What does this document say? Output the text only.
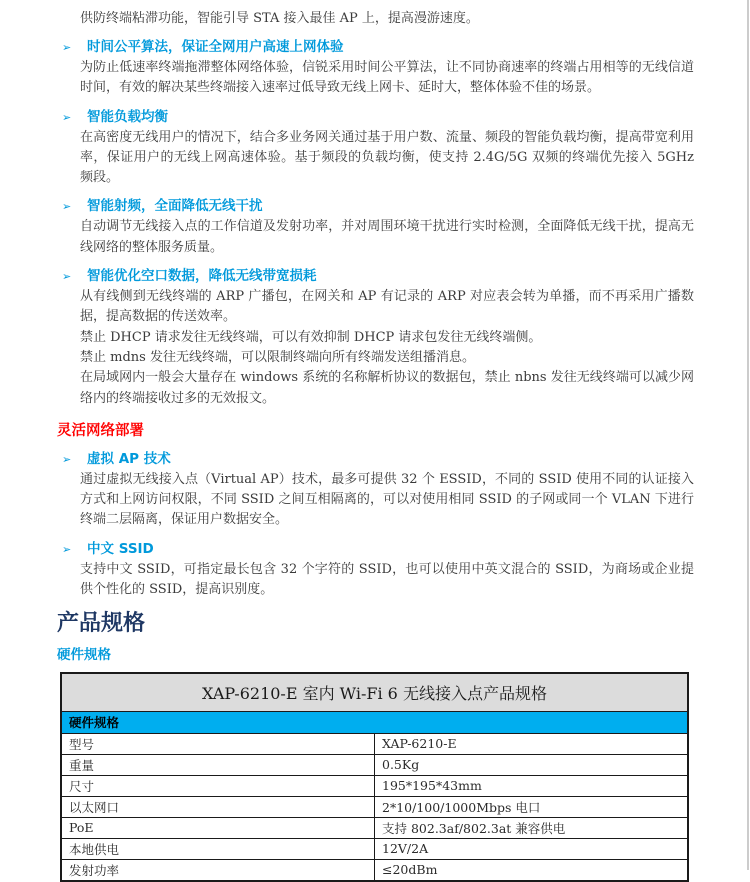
供防终端粘滞功能，智能引导 STA 接入最佳 AP 上，提高漫游速度。

➢	时间公平算法，保证全网用户高速上网体验

为防止低速率终端拖滞整体网络体验，信锐采用时间公平算法，让不同协商速率的终端占用相等的无线信道时间，有效的解决某些终端接入速率过低导致无线上网卡、延时大，整体体验不佳的场景。

➢	智能负载均衡

在高密度无线用户的情况下，结合多业务网关通过基于用户数、流量、频段的智能负载均衡，提高带宽利用率，保证用户的无线上网高速体验。基于频段的负载均衡，使支持 2.4G/5G 双频的终端优先接入 5GHz 频段。

➢	智能射频，全面降低无线干扰

自动调节无线接入点的工作信道及发射功率，并对周围环境干扰进行实时检测，全面降低无线干扰，提高无线网络的整体服务质量。

➢	智能优化空口数据，降低无线带宽损耗

从有线侧到无线终端的 ARP 广播包，在网关和 AP 有记录的 ARP 对应表会转为单播，而不再采用广播数据，提高数据的传送效率。

禁止 DHCP 请求发往无线终端，可以有效抑制 DHCP 请求包发往无线终端侧。

禁止 mdns 发往无线终端，可以限制终端向所有终端发送组播消息。

在局域网内一般会大量存在 windows 系统的名称解析协议的数据包，禁止 nbns 发往无线终端可以减少网络内的终端接收过多的无效报文。

灵活网络部署
➢	虚拟 AP 技术

通过虚拟无线接入点（Virtual AP）技术，最多可提供 32 个 ESSID，不同的 SSID 使用不同的认证接入方式和上网访问权限，不同 SSID 之间互相隔离的，可以对使用相同 SSID 的子网或同一个 VLAN 下进行终端二层隔离，保证用户数据安全。

➢	中文 SSID

支持中文 SSID，可指定最长包含 32 个字符的 SSID，也可以使用中英文混合的 SSID，为商场或企业提供个性化的 SSID，提高识别度。

产品规格
硬件规格
XAP-6210-E 室内 Wi-Fi 6 无线接入点产品规格	
硬件规格	
型号	XAP-6210-E
重量	0.5Kg
尺寸	195*195*43mm
以太网口	2*10/100/1000Mbps 电口
PoE	支持 802.3af/802.3at 兼容供电
本地供电	12V/2A
发射功率	≤20dBm
